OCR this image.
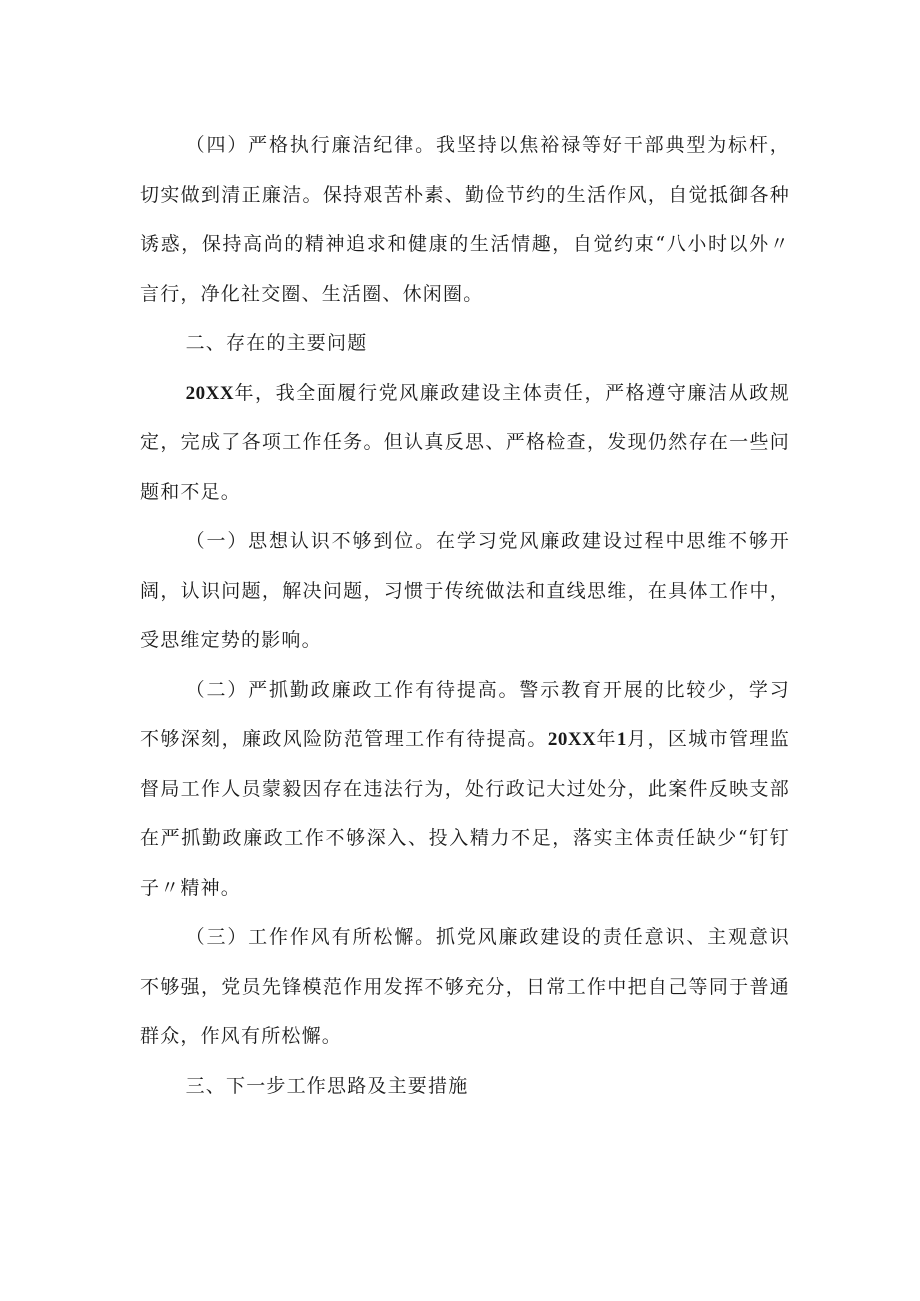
（四）严格执行廉洁纪律。我坚持以焦裕禄等好干部典型为标杆，切实做到清正廉洁。保持艰苦朴素、勤俭节约的生活作风，自觉抵御各种诱惑，保持高尚的精神追求和健康的生活情趣，自觉约束“八小时以外〃言行，净化社交圈、生活圈、休闲圈。

二、存在的主要问题

20XX年，我全面履行党风廉政建设主体责任，严格遵守廉洁从政规定，完成了各项工作任务。但认真反思、严格检查，发现仍然存在一些问题和不足。

（一）思想认识不够到位。在学习党风廉政建设过程中思维不够开阔，认识问题，解决问题，习惯于传统做法和直线思维，在具体工作中，受思维定势的影响。

（二）严抓勤政廉政工作有待提高。警示教育开展的比较少，学习不够深刻，廉政风险防范管理工作有待提高。20XX年1月，区城市管理监督局工作人员蒙毅因存在违法行为，处行政记大过处分，此案件反映支部在严抓勤政廉政工作不够深入、投入精力不足，落实主体责任缺少“钉钉子〃精神。

（三）工作作风有所松懈。抓党风廉政建设的责任意识、主观意识不够强，党员先锋模范作用发挥不够充分，日常工作中把自己等同于普通群众，作风有所松懈。

三、下一步工作思路及主要措施
